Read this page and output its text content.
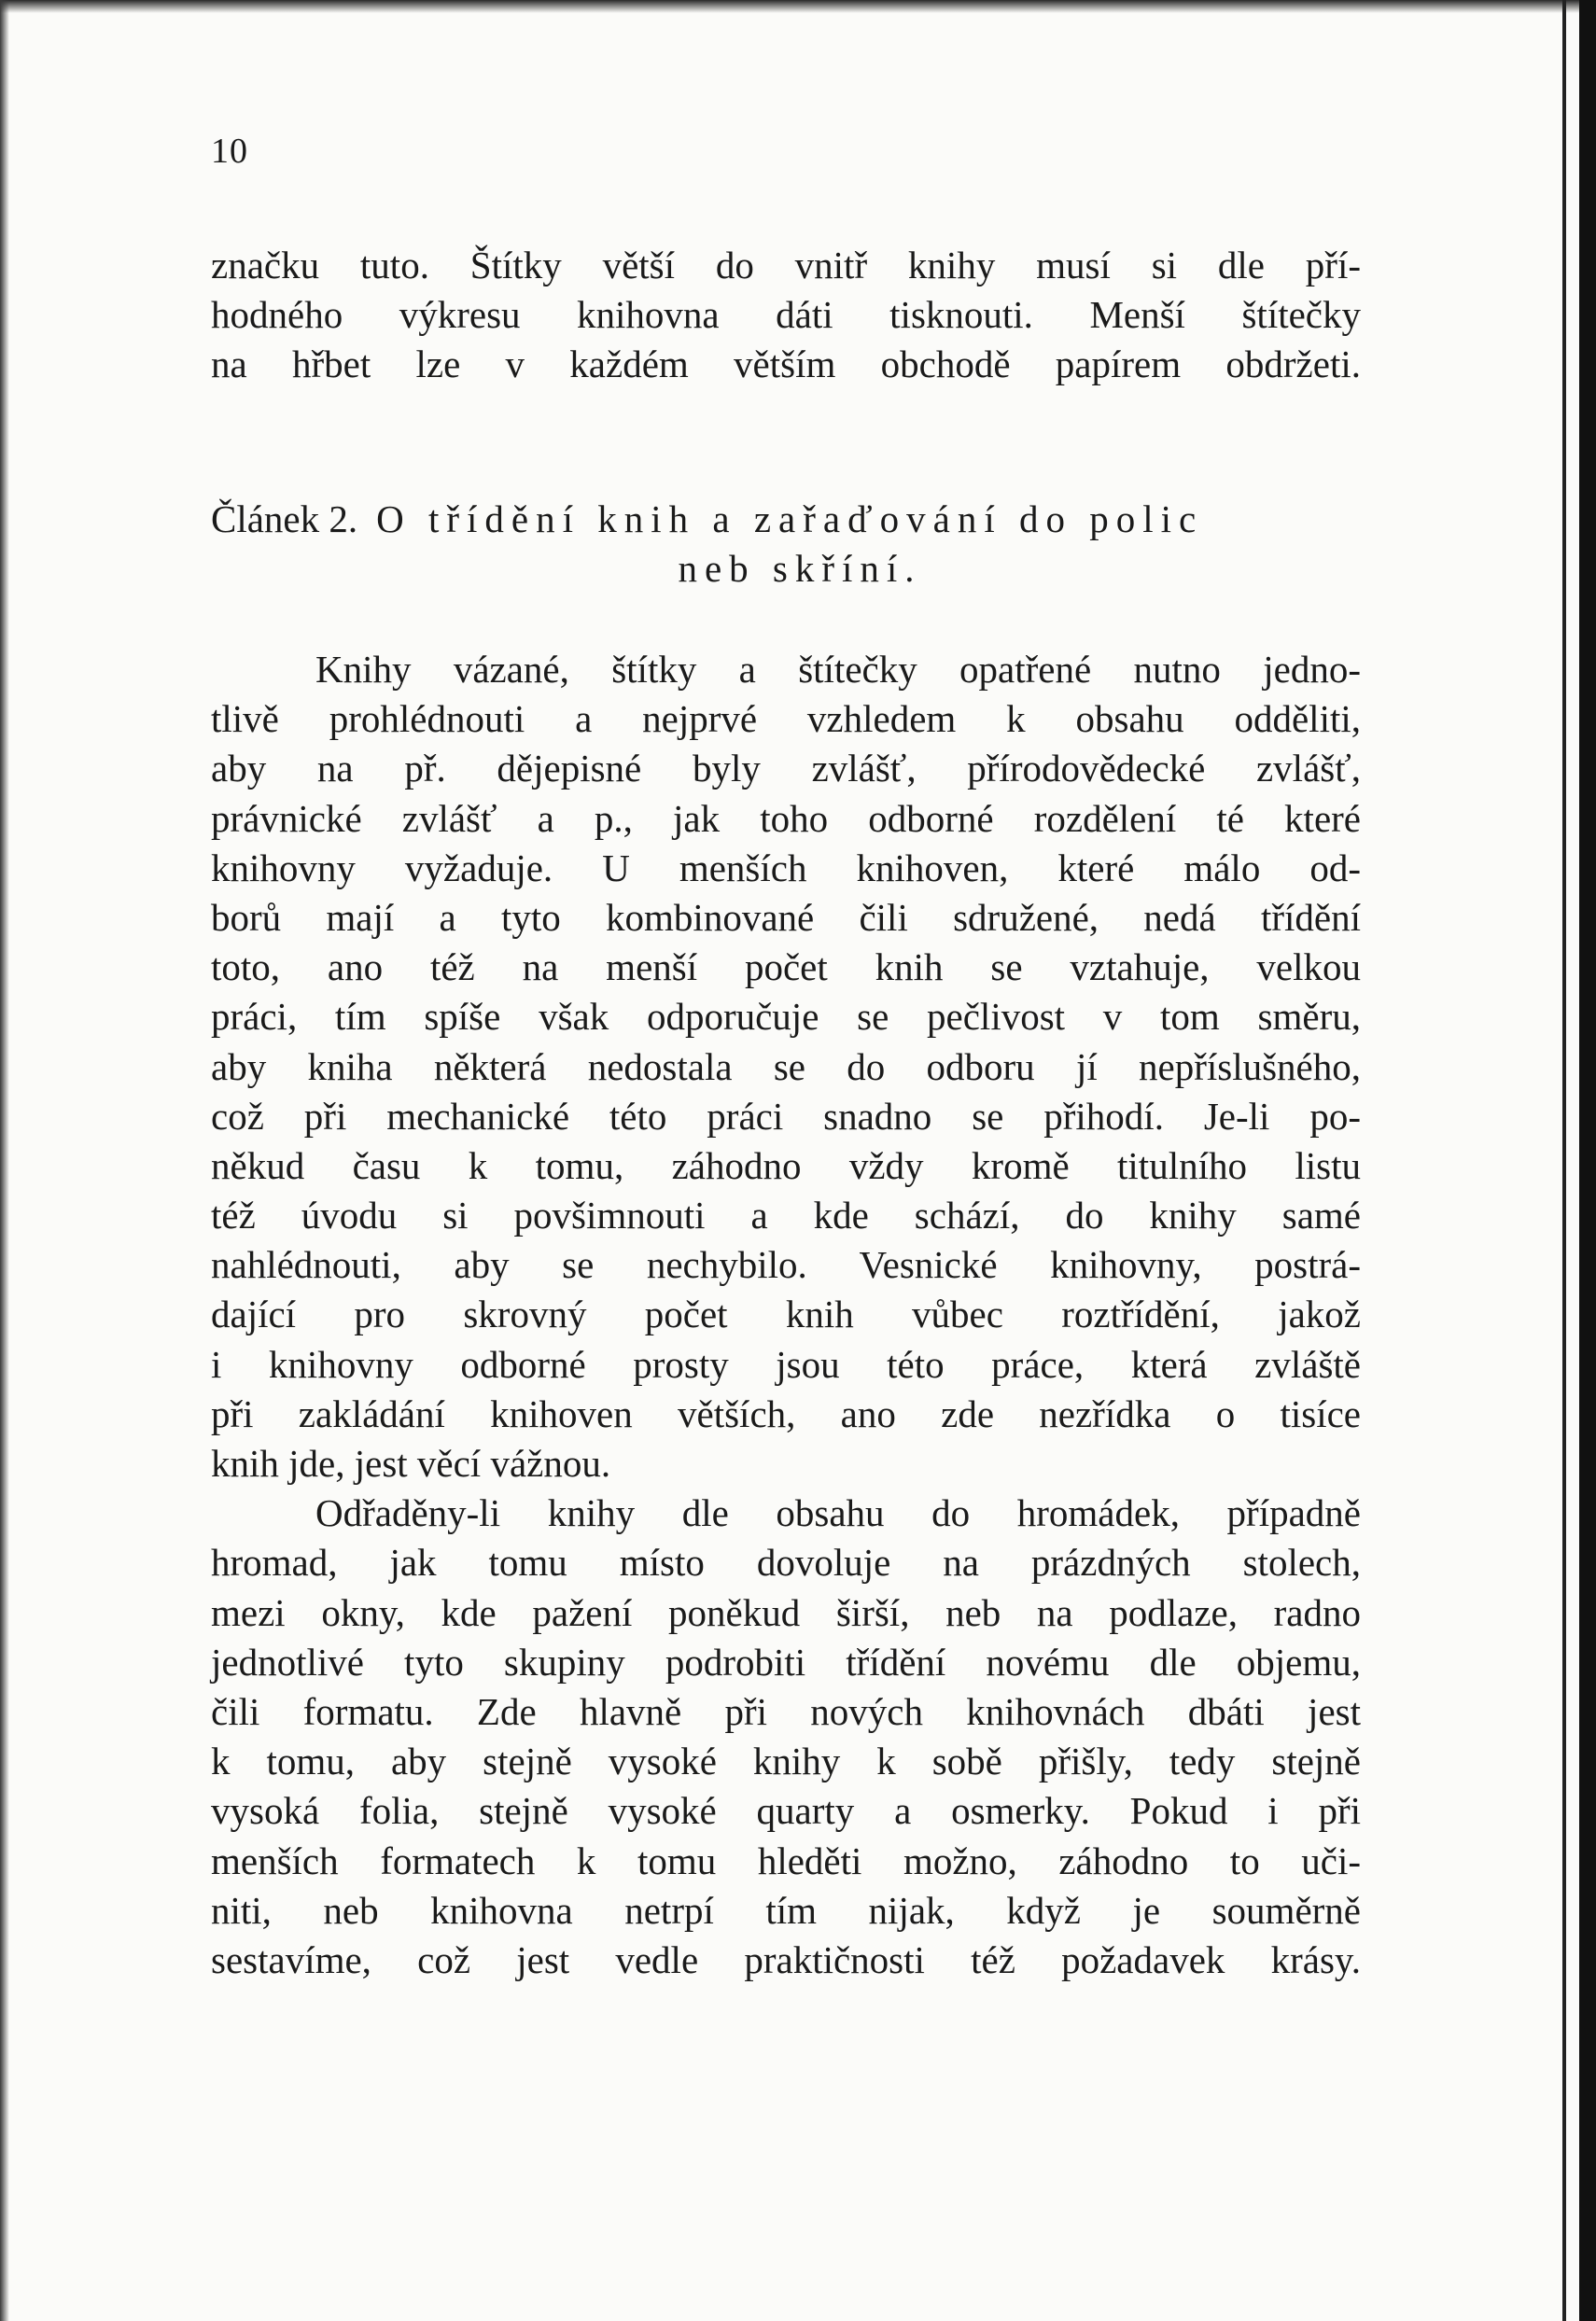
10
značku tuto. Štítky větší do vnitř knihy musí si dle pří-
hodného výkresu knihovna dáti tisknouti. Menší štítečky
na hřbet lze v každém větším obchodě papírem obdržeti.
Článek 2. O třídění knih a zařaďování do polic
neb skříní.
Knihy vázané, štítky a štítečky opatřené nutno jedno-
tlivě prohlédnouti a nejprvé vzhledem k obsahu odděliti,
aby na př. dějepisné byly zvlášť, přírodovědecké zvlášť,
právnické zvlášť a p., jak toho odborné rozdělení té které
knihovny vyžaduje. U menších knihoven, které málo od-
borů mají a tyto kombinované čili sdružené, nedá třídění
toto, ano též na menší počet knih se vztahuje, velkou
práci, tím spíše však odporučuje se pečlivost v tom směru,
aby kniha některá nedostala se do odboru jí nepříslušného,
což při mechanické této práci snadno se přihodí. Je-li po-
někud času k tomu, záhodno vždy kromě titulního listu
též úvodu si povšimnouti a kde schází, do knihy samé
nahlédnouti, aby se nechybilo. Vesnické knihovny, postrá-
dající pro skrovný počet knih vůbec roztřídění, jakož
i knihovny odborné prosty jsou této práce, která zvláště
při zakládání knihoven větších, ano zde nezřídka o tisíce
knih jde, jest věcí vážnou.
Odřaděny-li knihy dle obsahu do hromádek, případně
hromad, jak tomu místo dovoluje na prázdných stolech,
mezi okny, kde pažení poněkud širší, neb na podlaze, radno
jednotlivé tyto skupiny podrobiti třídění novému dle objemu,
čili formatu. Zde hlavně při nových knihovnách dbáti jest
k tomu, aby stejně vysoké knihy k sobě přišly, tedy stejně
vysoká folia, stejně vysoké quarty a osmerky. Pokud i při
menších formatech k tomu hleděti možno, záhodno to uči-
niti, neb knihovna netrpí tím nijak, když je souměrně
sestavíme, což jest vedle praktičnosti též požadavek krásy.
